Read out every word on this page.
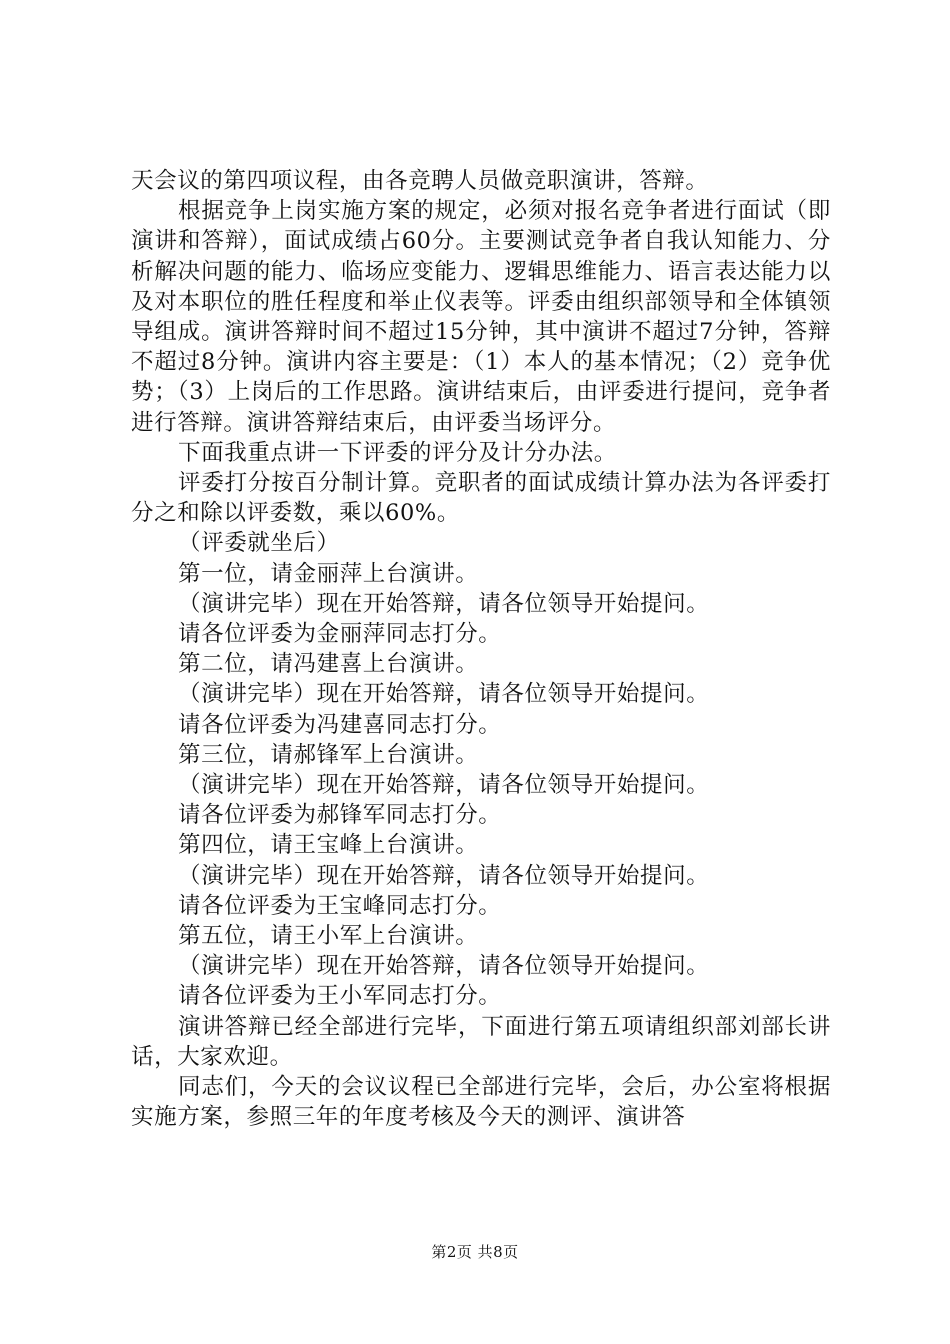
天会议的第四项议程，由各竞聘人员做竞职演讲，答辩。

根据竞争上岗实施方案的规定，必须对报名竞争者进行面试（即演讲和答辩），面试成绩占60分。主要测试竞争者自我认知能力、分析解决问题的能力、临场应变能力、逻辑思维能力、语言表达能力以及对本职位的胜任程度和举止仪表等。评委由组织部领导和全体镇领导组成。演讲答辩时间不超过15分钟，其中演讲不超过7分钟，答辩不超过8分钟。演讲内容主要是：（1）本人的基本情况；（2）竞争优势；（3）上岗后的工作思路。演讲结束后，由评委进行提问，竞争者进行答辩。演讲答辩结束后，由评委当场评分。

下面我重点讲一下评委的评分及计分办法。

评委打分按百分制计算。竞职者的面试成绩计算办法为各评委打分之和除以评委数，乘以60%。

（评委就坐后）

第一位，请金丽萍上台演讲。

（演讲完毕）现在开始答辩，请各位领导开始提问。

请各位评委为金丽萍同志打分。

第二位，请冯建喜上台演讲。

（演讲完毕）现在开始答辩，请各位领导开始提问。

请各位评委为冯建喜同志打分。

第三位，请郝锋军上台演讲。

（演讲完毕）现在开始答辩，请各位领导开始提问。

请各位评委为郝锋军同志打分。

第四位，请王宝峰上台演讲。

（演讲完毕）现在开始答辩，请各位领导开始提问。

请各位评委为王宝峰同志打分。

第五位，请王小军上台演讲。

（演讲完毕）现在开始答辩，请各位领导开始提问。

请各位评委为王小军同志打分。

演讲答辩已经全部进行完毕，下面进行第五项请组织部刘部长讲话，大家欢迎。

同志们，今天的会议议程已全部进行完毕，会后，办公室将根据实施方案，参照三年的年度考核及今天的测评、演讲答

第2页 共8页
